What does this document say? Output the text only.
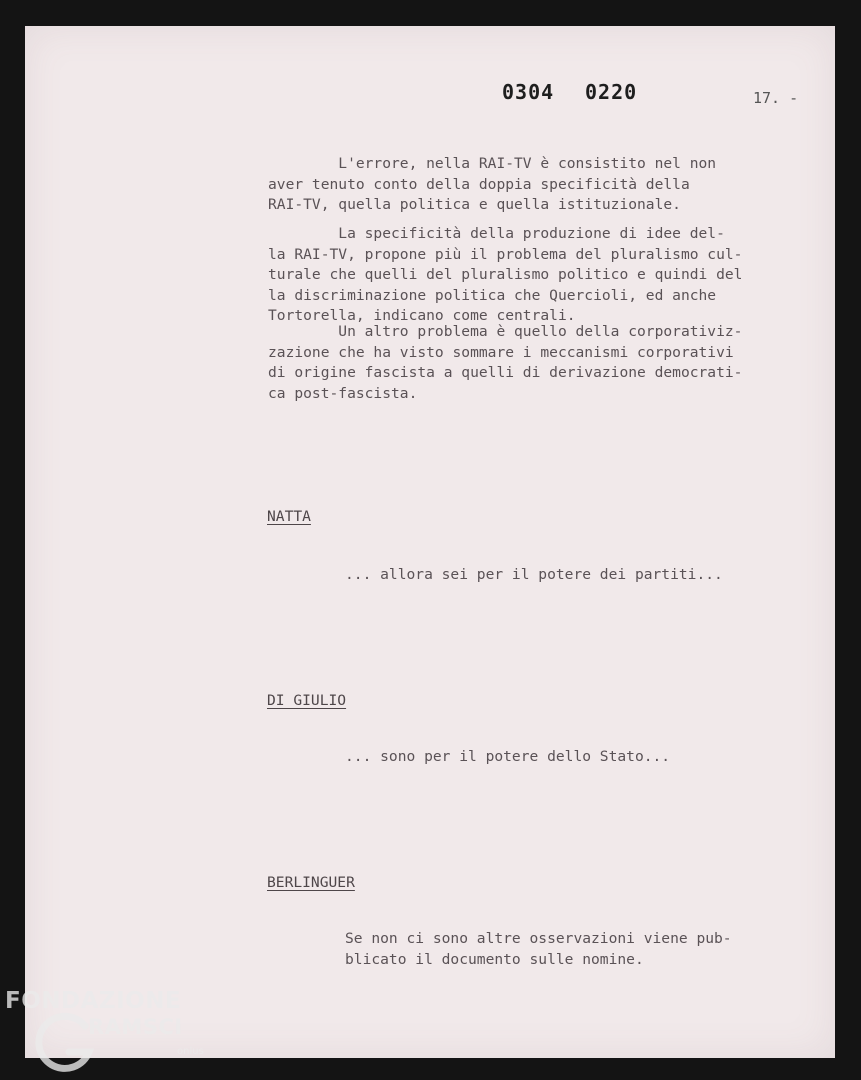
0304 0220	17. -
L'errore, nella RAI-TV è consistito nel non
aver tenuto conto della doppia specificità della
RAI-TV, quella politica e quella istituzionale.
La specificità della produzione di idee del-
la RAI-TV, propone più il problema del pluralismo cul-
turale che quelli del pluralismo politico e quindi del
la discriminazione politica che Quercioli, ed anche
Tortorella, indicano come centrali.
Un altro problema è quello della corporativiz-
zazione che ha visto sommare i meccanismi corporativi
di origine fascista a quelli di derivazione democrati-
ca post-fascista.
NATTA
... allora sei per il potere dei partiti...
DI GIULIO
... sono per il potere dello Stato...
BERLINGUER
Se non ci sono altre osservazioni viene pub-
blicato il documento sulle nomine.
FONDAZIONE
RAMSCI
onlus
